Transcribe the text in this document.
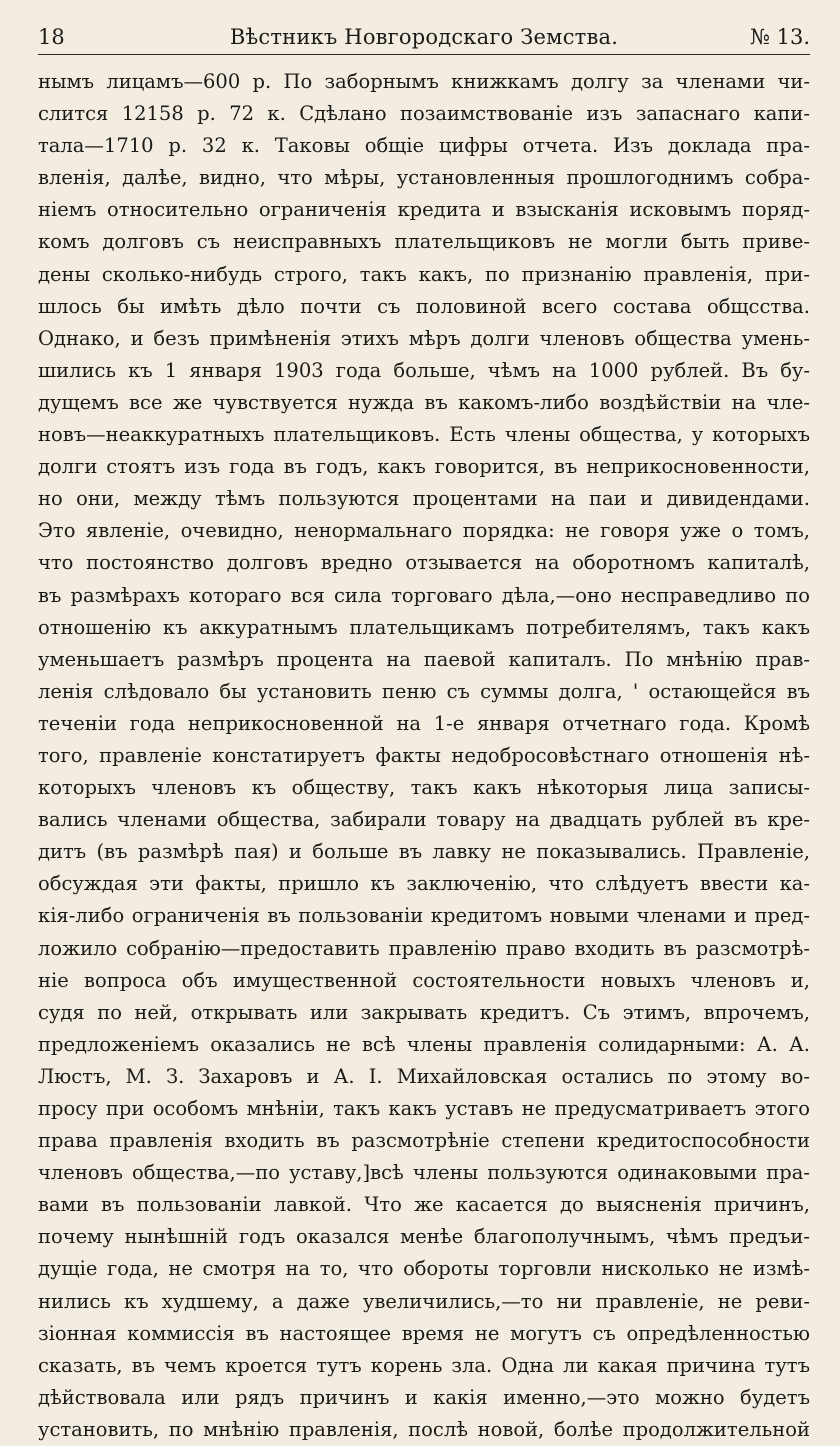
18	Вѣстникъ Новгородскаго Земства.	№ 13.
нымъ лицамъ—600 р. По заборнымъ книжкамъ долгу за членами чи-
слится 12158 р. 72 к. Сдѣлано позаимствованіе изъ запаснаго капи-
тала—1710 р. 32 к. Таковы общіе цифры отчета. Изъ доклада пра-
вленія, далѣе, видно, что мѣры, установленныя прошлогоднимъ собра-
ніемъ относительно ограниченія кредита и взысканія исковымъ поряд-
комъ долговъ съ неисправныхъ плательщиковъ не могли быть приве-
дены сколько-нибудь строго, такъ какъ, по признанію правленія, при-
шлось бы имѣть дѣло почти съ половиной всего состава общсства.
Однако, и безъ примѣненія этихъ мѣръ долги членовъ общества умень-
шились къ 1 января 1903 года больше, чѣмъ на 1000 рублей. Въ бу-
дущемъ все же чувствуется нужда въ какомъ-либо воздѣйствіи на чле-
новъ—неаккуратныхъ плательщиковъ. Есть члены общества, у которыхъ
долги стоятъ изъ года въ годъ, какъ говорится, въ неприкосновенности,
но они, между тѣмъ пользуются процентами на паи и дивидендами.
Это явленіе, очевидно, ненормальнаго порядка: не говоря уже о томъ,
что постоянство долговъ вредно отзывается на оборотномъ капиталѣ,
въ размѣрахъ котораго вся сила торговаго дѣла,—оно несправедливо по
отношенію къ аккуратнымъ плательщикамъ потребителямъ, такъ какъ
уменьшаетъ размѣръ процента на паевой капиталъ. По мнѣнію прав-
ленія слѣдовало бы установить пеню съ суммы долга, ' остающейся въ
теченіи года неприкосновенной на 1-е января отчетнаго года. Кромѣ
того, правленіе констатируетъ факты недобросовѣстнаго отношенія нѣ-
которыхъ членовъ къ обществу, такъ какъ нѣкоторыя лица записы-
вались членами общества, забирали товару на двадцать рублей въ кре-
дитъ (въ размѣрѣ пая) и больше въ лавку не показывались. Правленіе,
обсуждая эти факты, пришло къ заключенію, что слѣдуетъ ввести ка-
кія-либо ограниченія въ пользованіи кредитомъ новыми членами и пред-
ложило собранію—предоставить правленію право входить въ разсмотрѣ-
ніе вопроса объ имущественной состоятельности новыхъ членовъ и,
судя по ней, открывать или закрывать кредитъ. Съ этимъ, впрочемъ,
предложеніемъ оказались не всѣ члены правленія солидарными: А. А.
Люстъ, М. З. Захаровъ и А. І. Михайловская остались по этому во-
просу при особомъ мнѣніи, такъ какъ уставъ не предусматриваетъ этого
права правленія входить въ разсмотрѣніе степени кредитоспособности
членовъ общества,—по уставу,]всѣ члены пользуются одинаковыми пра-
вами въ пользованіи лавкой. Что же касается до выясненія причинъ,
почему нынѣшній годъ оказался менѣе благополучнымъ, чѣмъ предъи-
дущіе года, не смотря на то, что обороты торговли нисколько не измѣ-
нились къ худшему, а даже увеличились,—то ни правленіе, не реви-
зіонная коммиссія въ настоящее время не могутъ съ опредѣленностью
сказать, въ чемъ кроется тутъ корень зла. Одна ли какая причина тутъ
дѣйствовала или рядъ причинъ и какія именно,—это можно будетъ
установить, по мнѣнію правленія, послѣ новой, болѣе продолжительной
